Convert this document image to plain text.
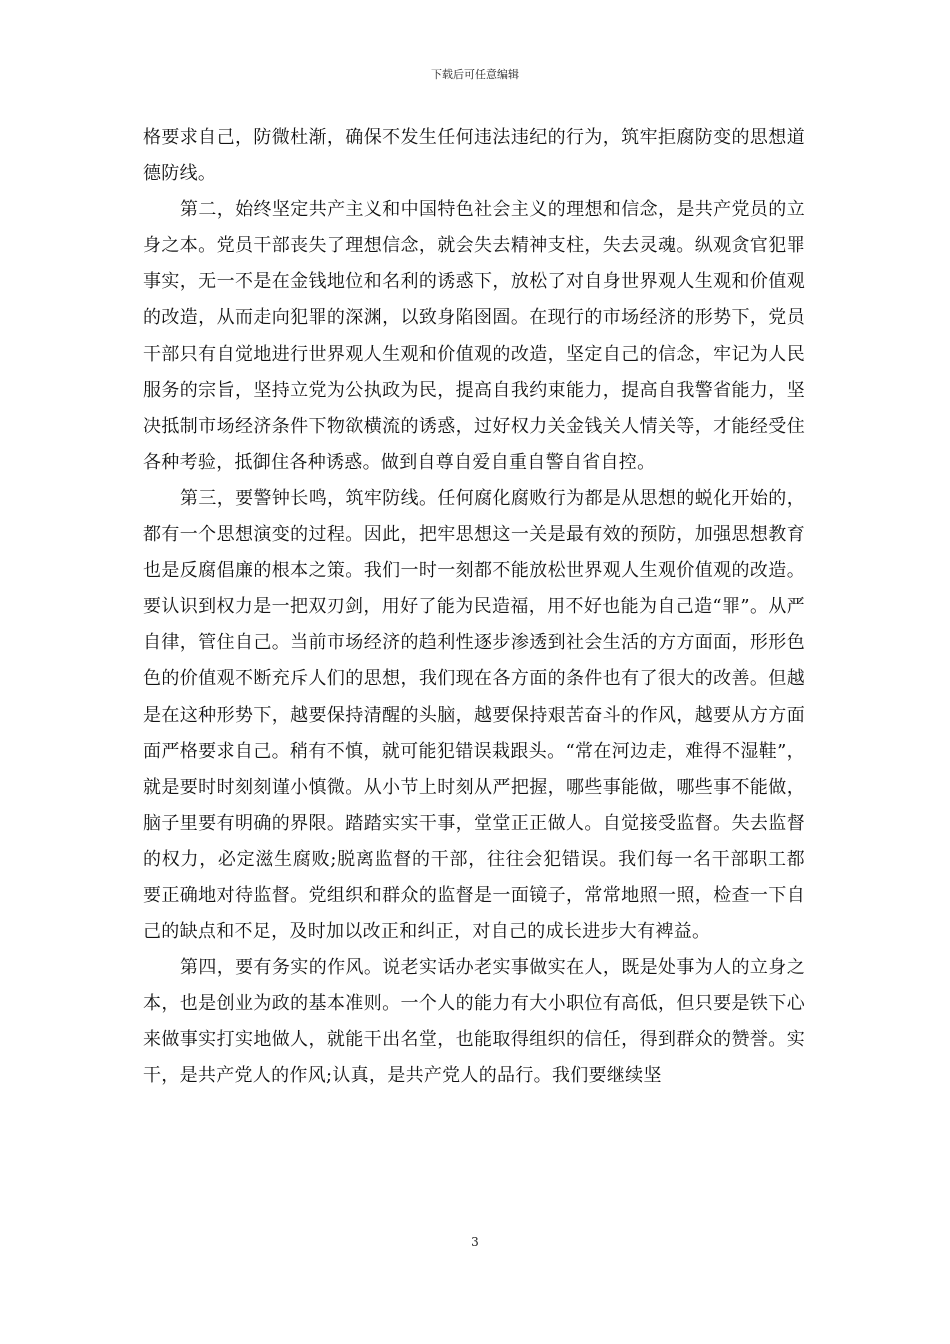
下载后可任意编辑

格要求自己，防微杜渐，确保不发生任何违法违纪的行为，筑牢拒腐防变的思想道德防线。

第二，始终坚定共产主义和中国特色社会主义的理想和信念，是共产党员的立身之本。党员干部丧失了理想信念，就会失去精神支柱，失去灵魂。纵观贪官犯罪事实，无一不是在金钱地位和名利的诱惑下，放松了对自身世界观人生观和价值观的改造，从而走向犯罪的深渊，以致身陷囹圄。在现行的市场经济的形势下，党员干部只有自觉地进行世界观人生观和价值观的改造，坚定自己的信念，牢记为人民服务的宗旨，坚持立党为公执政为民，提高自我约束能力，提高自我警省能力，坚决抵制市场经济条件下物欲横流的诱惑，过好权力关金钱关人情关等，才能经受住各种考验，抵御住各种诱惑。做到自尊自爱自重自警自省自控。

第三，要警钟长鸣，筑牢防线。任何腐化腐败行为都是从思想的蜕化开始的，都有一个思想演变的过程。因此，把牢思想这一关是最有效的预防，加强思想教育也是反腐倡廉的根本之策。我们一时一刻都不能放松世界观人生观价值观的改造。要认识到权力是一把双刃剑，用好了能为民造福，用不好也能为自己造“罪”。从严自律，管住自己。当前市场经济的趋利性逐步渗透到社会生活的方方面面，形形色色的价值观不断充斥人们的思想，我们现在各方面的条件也有了很大的改善。但越是在这种形势下，越要保持清醒的头脑，越要保持艰苦奋斗的作风，越要从方方面面严格要求自己。稍有不慎，就可能犯错误栽跟头。“常在河边走，难得不湿鞋”，就是要时时刻刻谨小慎微。从小节上时刻从严把握，哪些事能做，哪些事不能做，脑子里要有明确的界限。踏踏实实干事，堂堂正正做人。自觉接受监督。失去监督的权力，必定滋生腐败;脱离监督的干部，往往会犯错误。我们每一名干部职工都要正确地对待监督。党组织和群众的监督是一面镜子，常常地照一照，检查一下自己的缺点和不足，及时加以改正和纠正，对自己的成长进步大有裨益。

第四，要有务实的作风。说老实话办老实事做实在人，既是处事为人的立身之本，也是创业为政的基本准则。一个人的能力有大小职位有高低，但只要是铁下心来做事实打实地做人，就能干出名堂，也能取得组织的信任，得到群众的赞誉。实干，是共产党人的作风;认真，是共产党人的品行。我们要继续坚

3
